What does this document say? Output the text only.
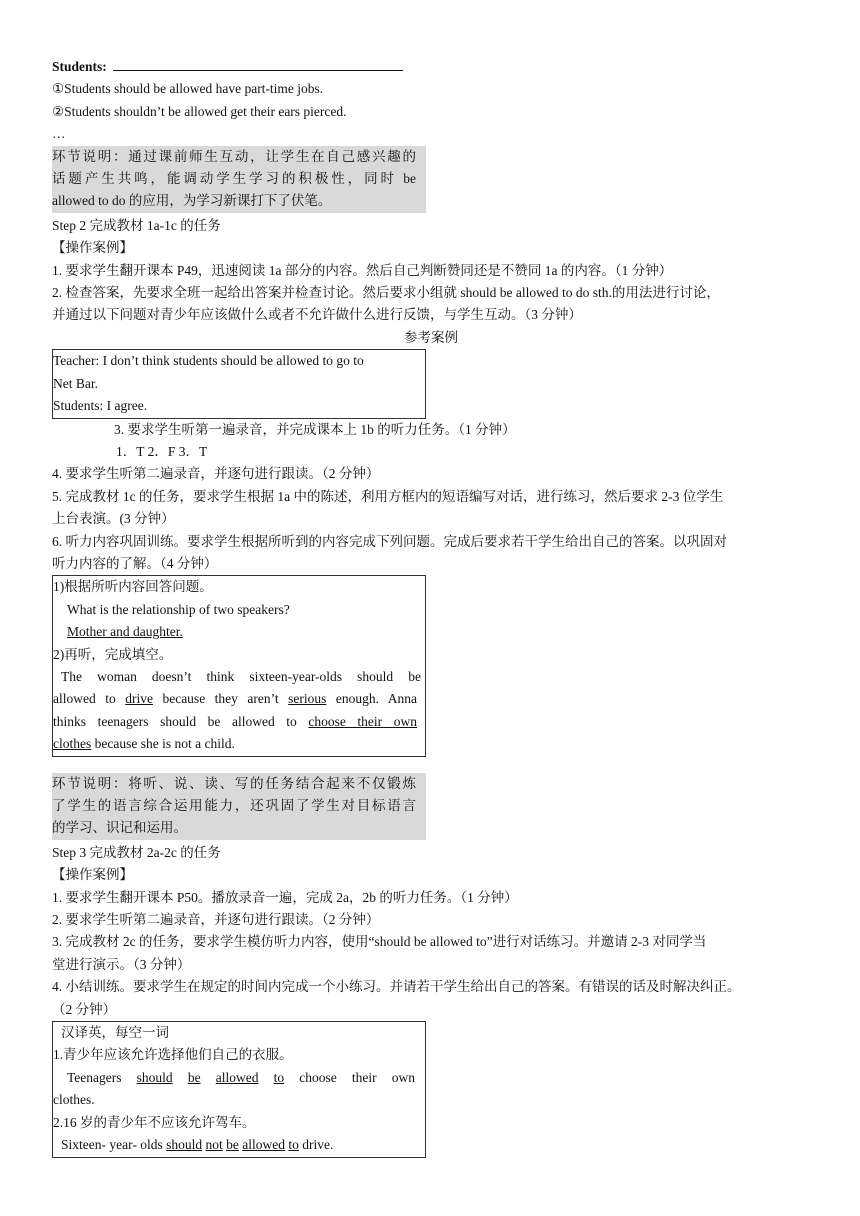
Students:
①Students should be allowed have part-time jobs.
②Students shouldn’t be allowed get their ears pierced.
…
环节说明：通过课前师生互动，让学生在自己感兴趣的
话题产生共鸣，能调动学生学习的积极性，同时 be
allowed to do 的应用，为学习新课打下了伏笔。
Step 2 完成教材 1a-1c 的任务
【操作案例】
1. 要求学生翻开课本 P49，迅速阅读 1a 部分的内容。然后自己判断赞同还是不赞同 1a 的内容。（1 分钟）
2. 检查答案，先要求全班一起给出答案并检查讨论。然后要求小组就 should be allowed to do sth.的用法进行讨论，
并通过以下问题对青少年应该做什么或者不允许做什么进行反馈，与学生互动。（3 分钟）
参考案例
Teacher: I don’t think students should be allowed to go to
Net Bar.
Students: I agree.
3. 要求学生听第一遍录音，并完成课本上 1b 的听力任务。（1 分钟）
1．T 2．F 3．T
4. 要求学生听第二遍录音，并逐句进行跟读。（2 分钟）
5. 完成教材 1c 的任务，要求学生根据 1a 中的陈述，利用方框内的短语编写对话，进行练习，然后要求 2-3 位学生
上台表演。(3 分钟）
6. 听力内容巩固训练。要求学生根据所听到的内容完成下列问题。完成后要求若干学生给出自己的答案。以巩固对
听力内容的了解。（4 分钟）
1)根据所听内容回答问题。
What is the relationship of two speakers?
Mother and daughter.
2)再听，完成填空。
The woman doesn’t think sixteen-year-olds should be
allowed to drive because they aren’t serious enough. Anna
thinks teenagers should be allowed to choose their own
clothes because she is not a child.
环节说明：将听、说、读、写的任务结合起来不仅锻炼
了学生的语言综合运用能力，还巩固了学生对目标语言
的学习、识记和运用。
Step 3 完成教材 2a-2c 的任务
【操作案例】
1. 要求学生翻开课本 P50。播放录音一遍，完成 2a，2b 的听力任务。（1 分钟）
2. 要求学生听第二遍录音，并逐句进行跟读。（2 分钟）
3. 完成教材 2c 的任务，要求学生模仿听力内容，使用“should be allowed to”进行对话练习。并邀请 2-3 对同学当
堂进行演示。（3 分钟）
4. 小结训练。要求学生在规定的时间内完成一个小练习。并请若干学生给出自己的答案。有错误的话及时解决纠正。
（2 分钟）
汉译英，每空一词
1.青少年应该允许选择他们自己的衣服。
Teenagers should be allowed to choose their own
clothes.
2.16 岁的青少年不应该允许驾车。
Sixteen- year- olds should not be allowed to drive.
